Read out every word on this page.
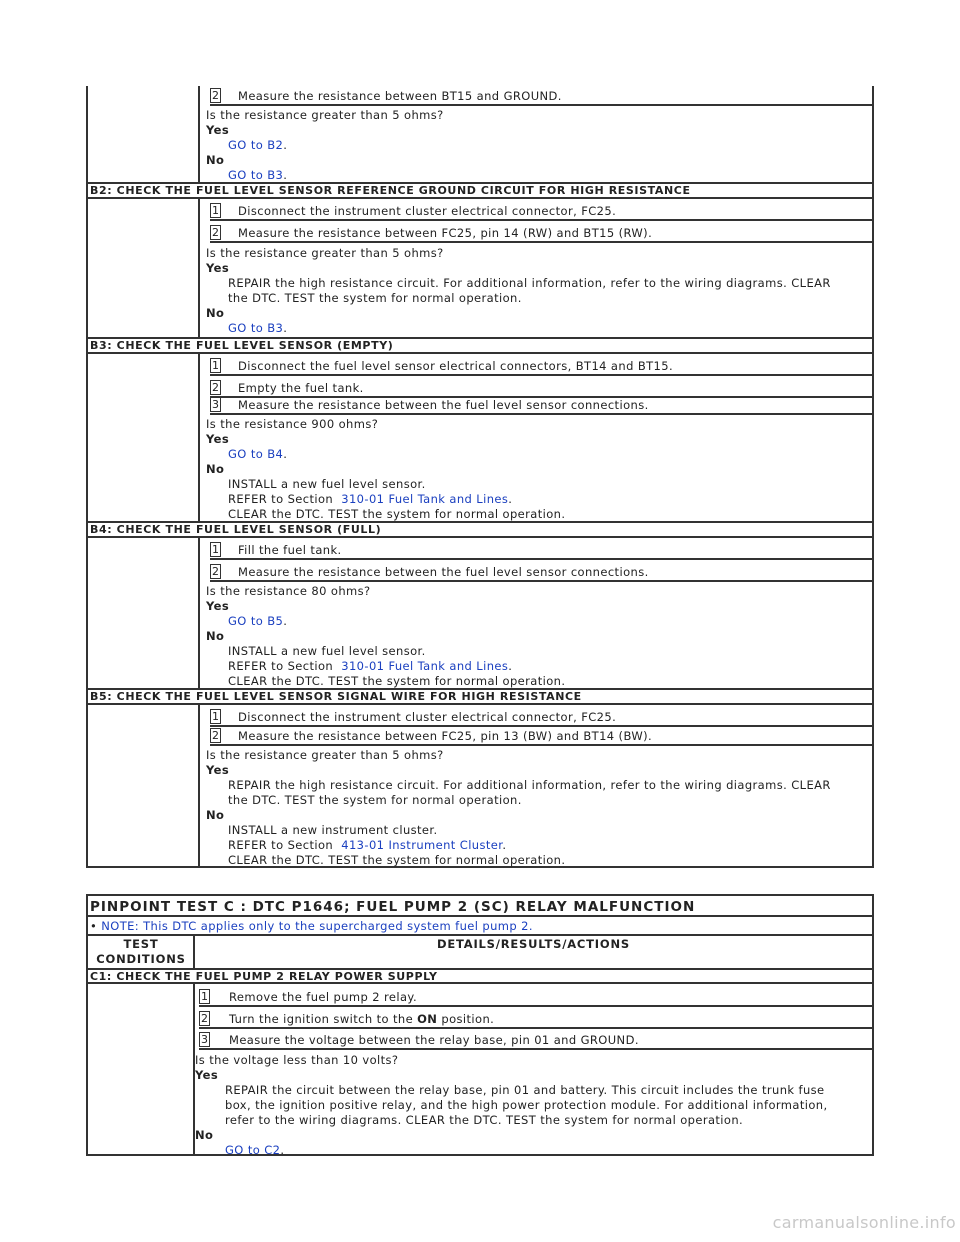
2 Measure the resistance between BT15 and GROUND.
Is the resistance greater than 5 ohms?
Yes
GO to B2.
No
GO to B3.
B2: CHECK THE FUEL LEVEL SENSOR REFERENCE GROUND CIRCUIT FOR HIGH RESISTANCE
1 Disconnect the instrument cluster electrical connector, FC25.
2 Measure the resistance between FC25, pin 14 (RW) and BT15 (RW).
Is the resistance greater than 5 ohms?
Yes
REPAIR the high resistance circuit. For additional information, refer to the wiring diagrams. CLEAR
the DTC. TEST the system for normal operation.
No
GO to B3.
B3: CHECK THE FUEL LEVEL SENSOR (EMPTY)
1 Disconnect the fuel level sensor electrical connectors, BT14 and BT15.
2 Empty the fuel tank.
3 Measure the resistance between the fuel level sensor connections.
Is the resistance 900 ohms?
Yes
GO to B4.
No
INSTALL a new fuel level sensor.
REFER to Section 310-01 Fuel Tank and Lines.
CLEAR the DTC. TEST the system for normal operation.
B4: CHECK THE FUEL LEVEL SENSOR (FULL)
1 Fill the fuel tank.
2 Measure the resistance between the fuel level sensor connections.
Is the resistance 80 ohms?
Yes
GO to B5.
No
INSTALL a new fuel level sensor.
REFER to Section 310-01 Fuel Tank and Lines.
CLEAR the DTC. TEST the system for normal operation.
B5: CHECK THE FUEL LEVEL SENSOR SIGNAL WIRE FOR HIGH RESISTANCE
1 Disconnect the instrument cluster electrical connector, FC25.
2 Measure the resistance between FC25, pin 13 (BW) and BT14 (BW).
Is the resistance greater than 5 ohms?
Yes
REPAIR the high resistance circuit. For additional information, refer to the wiring diagrams. CLEAR
the DTC. TEST the system for normal operation.
No
INSTALL a new instrument cluster.
REFER to Section 413-01 Instrument Cluster.
CLEAR the DTC. TEST the system for normal operation.
PINPOINT TEST C : DTC P1646; FUEL PUMP 2 (SC) RELAY MALFUNCTION
• NOTE: This DTC applies only to the supercharged system fuel pump 2.
TEST
CONDITIONS
DETAILS/RESULTS/ACTIONS
C1: CHECK THE FUEL PUMP 2 RELAY POWER SUPPLY
1 Remove the fuel pump 2 relay.
2 Turn the ignition switch to the ON position.
3 Measure the voltage between the relay base, pin 01 and GROUND.
Is the voltage less than 10 volts?
Yes
REPAIR the circuit between the relay base, pin 01 and battery. This circuit includes the trunk fuse
box, the ignition positive relay, and the high power protection module. For additional information,
refer to the wiring diagrams. CLEAR the DTC. TEST the system for normal operation.
No
GO to C2.
carmanualsonline.info
